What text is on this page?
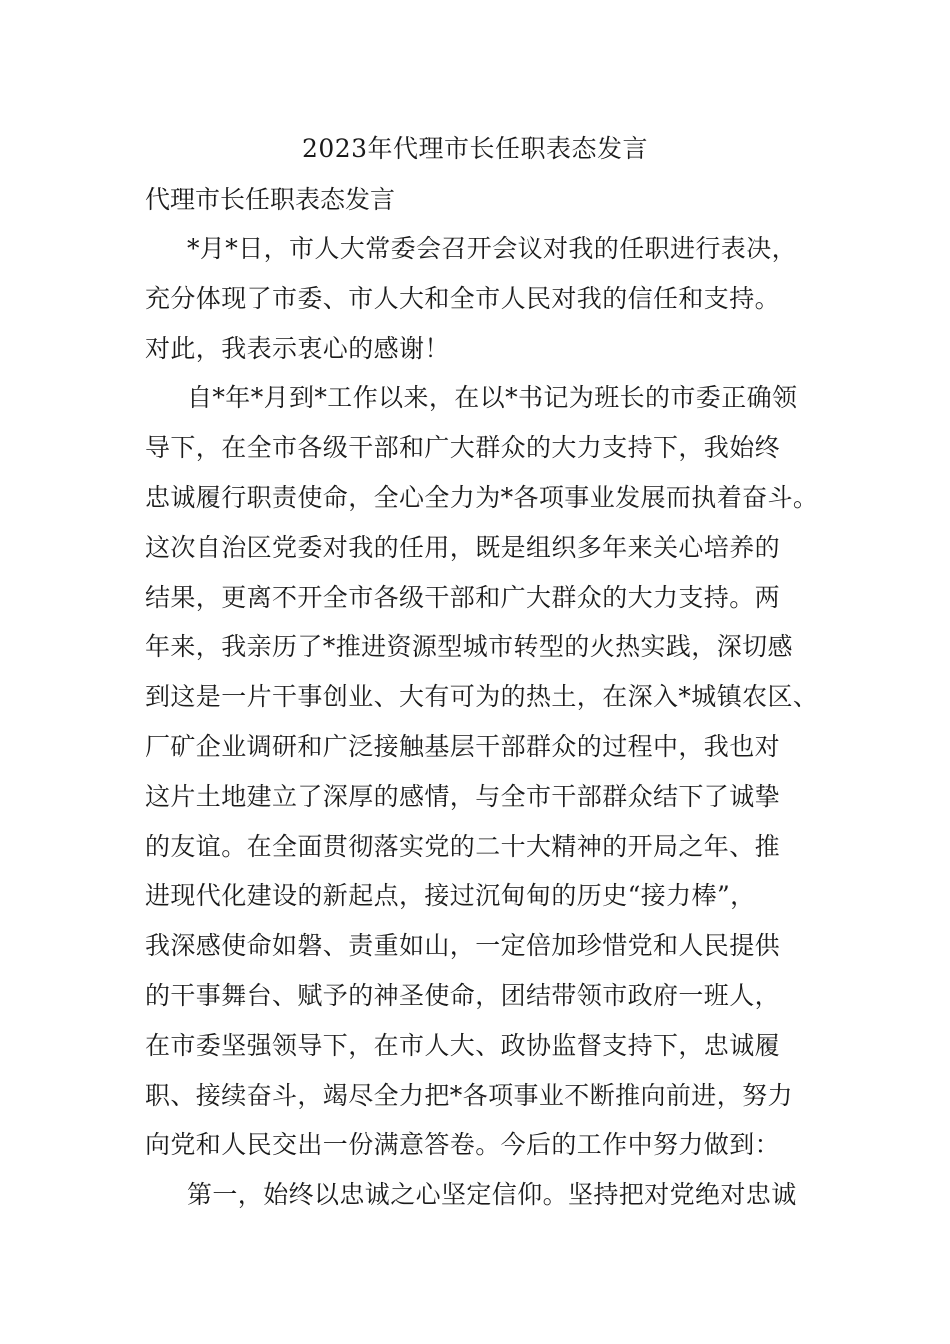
2023年代理市长任职表态发言
代理市长任职表态发言
*月*日，市人大常委会召开会议对我的任职进行表决，
充分体现了市委、市人大和全市人民对我的信任和支持。
对此，我表示衷心的感谢！
自*年*月到*工作以来，在以*书记为班长的市委正确领
导下，在全市各级干部和广大群众的大力支持下，我始终
忠诚履行职责使命，全心全力为*各项事业发展而执着奋斗。
这次自治区党委对我的任用，既是组织多年来关心培养的
结果，更离不开全市各级干部和广大群众的大力支持。两
年来，我亲历了*推进资源型城市转型的火热实践，深切感
到这是一片干事创业、大有可为的热土，在深入*城镇农区、
厂矿企业调研和广泛接触基层干部群众的过程中，我也对
这片土地建立了深厚的感情，与全市干部群众结下了诚挚
的友谊。在全面贯彻落实党的二十大精神的开局之年、推
进现代化建设的新起点，接过沉甸甸的历史“接力棒”，
我深感使命如磐、责重如山，一定倍加珍惜党和人民提供
的干事舞台、赋予的神圣使命，团结带领市政府一班人，
在市委坚强领导下，在市人大、政协监督支持下，忠诚履
职、接续奋斗，竭尽全力把*各项事业不断推向前进，努力
向党和人民交出一份满意答卷。今后的工作中努力做到：
第一，始终以忠诚之心坚定信仰。坚持把对党绝对忠诚
